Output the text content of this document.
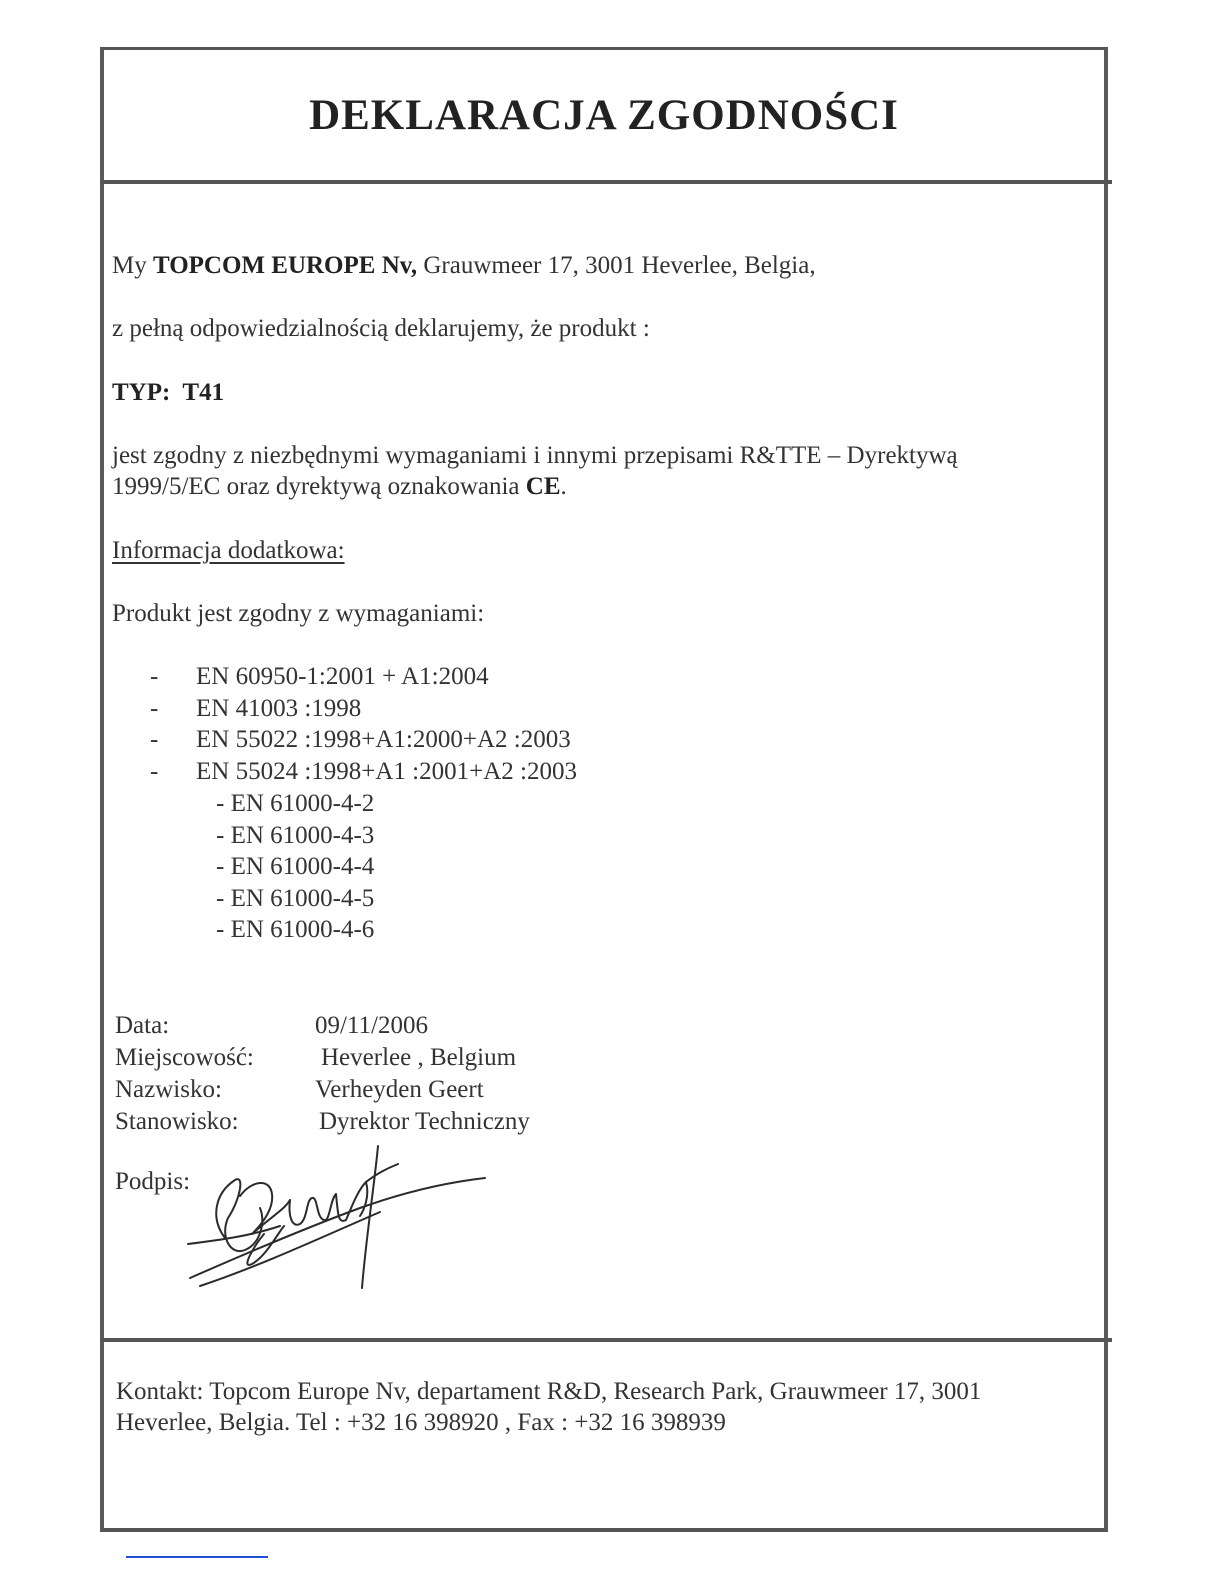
DEKLARACJA ZGODNOŚCI
My TOPCOM EUROPE Nv, Grauwmeer 17, 3001 Heverlee, Belgia,
z pełną odpowiedzialnością deklarujemy, że produkt :
TYP: T41
jest zgodny z niezbędnymi wymaganiami i innymi przepisami R&TTE – Dyrektywą
1999/5/EC oraz dyrektywą oznakowania CE.
Informacja dodatkowa:
Produkt jest zgodny z wymaganiami:
-	EN 60950-1:2001 + A1:2004
-	EN 41003 :1998
-	EN 55022 :1998+A1:2000+A2 :2003
-	EN 55024 :1998+A1 :2001+A2 :2003
- EN 61000-4-2
- EN 61000-4-3
- EN 61000-4-4
- EN 61000-4-5
- EN 61000-4-6
Data:	09/11/2006
Miejscowość:	Heverlee , Belgium
Nazwisko:	Verheyden Geert
Stanowisko:	Dyrektor Techniczny
Podpis:
Kontakt: Topcom Europe Nv, departament R&D, Research Park, Grauwmeer 17, 3001
Heverlee, Belgia. Tel : +32 16 398920 , Fax : +32 16 398939
